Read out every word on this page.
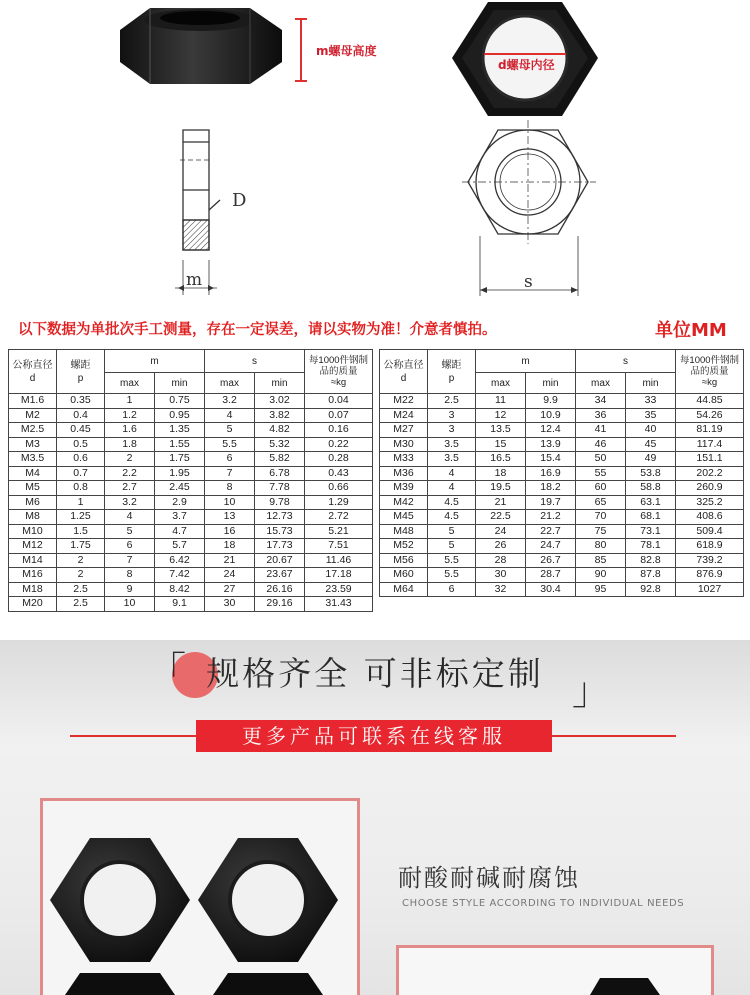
m螺母高度
d螺母内径
D
m	s
以下数据为单批次手工测量，存在一定误差，请以实物为准！介意者慎拍。	单位MM
公称直径
d	螺距
p	m		s		每1000件钢制品的质量
≈kg
		max	min	max	min	
M1.6	0.35	1	0.75	3.2	3.02	0.04
M2	0.4	1.2	0.95	4	3.82	0.07
M2.5	0.45	1.6	1.35	5	4.82	0.16
M3	0.5	1.8	1.55	5.5	5.32	0.22
M3.5	0.6	2	1.75	6	5.82	0.28
M4	0.7	2.2	1.95	7	6.78	0.43
M5	0.8	2.7	2.45	8	7.78	0.66
M6	1	3.2	2.9	10	9.78	1.29
M8	1.25	4	3.7	13	12.73	2.72
M10	1.5	5	4.7	16	15.73	5.21
M12	1.75	6	5.7	18	17.73	7.51
M14	2	7	6.42	21	20.67	11.46
M16	2	8	7.42	24	23.67	17.18
M18	2.5	9	8.42	27	26.16	23.59
M20	2.5	10	9.1	30	29.16	31.43
公称直径
d	螺距
p	m		s		每1000件钢制品的质量
≈kg
		max	min	max	min	
M22	2.5	11	9.9	34	33	44.85
M24	3	12	10.9	36	35	54.26
M27	3	13.5	12.4	41	40	81.19
M30	3.5	15	13.9	46	45	117.4
M33	3.5	16.5	15.4	50	49	151.1
M36	4	18	16.9	55	53.8	202.2
M39	4	19.5	18.2	60	58.8	260.9
M42	4.5	21	19.7	65	63.1	325.2
M45	4.5	22.5	21.2	70	68.1	408.6
M48	5	24	22.7	75	73.1	509.4
M52	5	26	24.7	80	78.1	618.9
M56	5.5	28	26.7	85	82.8	739.2
M60	5.5	30	28.7	90	87.8	876.9
M64	6	32	30.4	95	92.8	1027
「 规格齐全 可非标定制 」
更多产品可联系在线客服
耐酸耐碱耐腐蚀
CHOOSE STYLE ACCORDING TO INDIVIDUAL NEEDS
